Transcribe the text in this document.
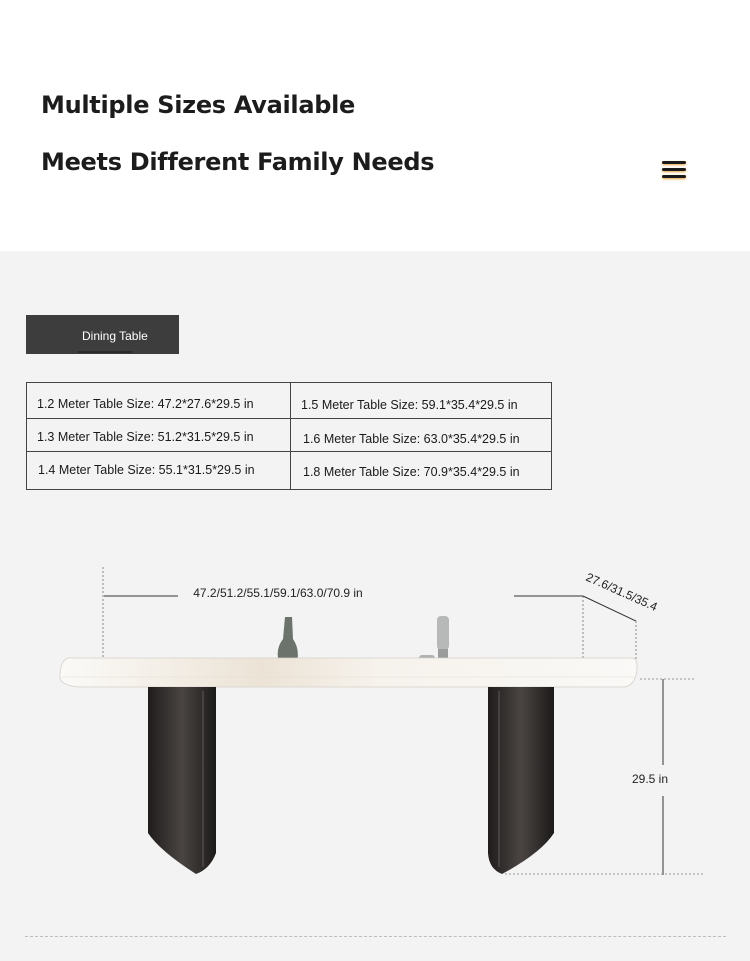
Multiple Sizes Available
Meets Different Family Needs
Dining Table
1.2 Meter Table Size: 47.2*27.6*29.5 in
1.3 Meter Table Size: 51.2*31.5*29.5 in
1.4 Meter Table Size: 55.1*31.5*29.5 in
1.5 Meter Table Size: 59.1*35.4*29.5 in
1.6 Meter Table Size: 63.0*35.4*29.5 in
1.8 Meter Table Size: 70.9*35.4*29.5 in
47.2/51.2/55.1/59.1/63.0/70.9 in	27.6/31.5/35.4
29.5 in
